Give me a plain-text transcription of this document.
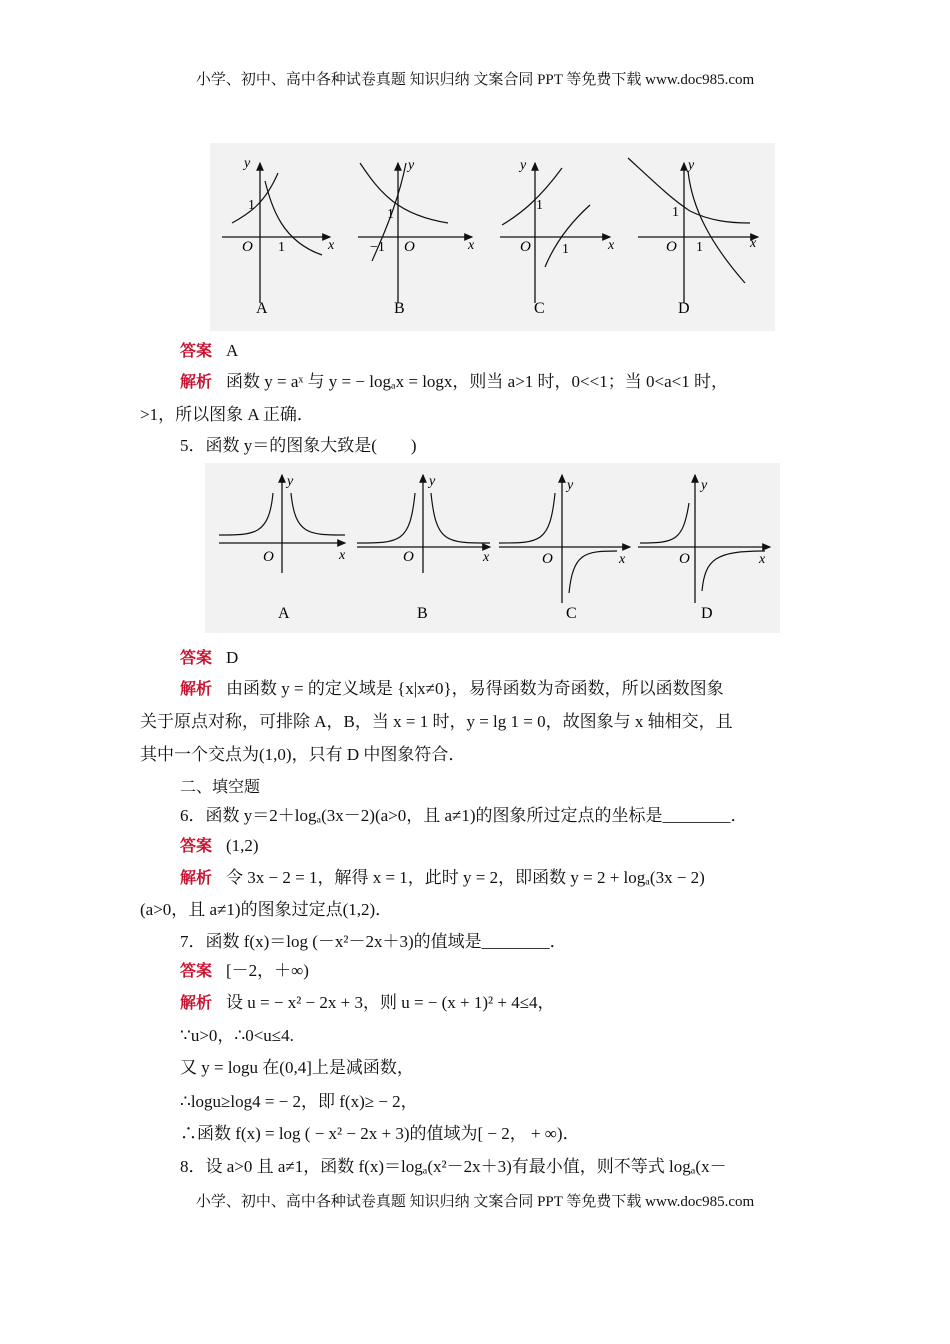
小学、初中、高中各种试卷真题 知识归纳 文案合同 PPT 等免费下载 www.doc985.com
y
x
O
1
1
A
y
x
O
1
−1
B
y
x
O
1
1
C
y
x
O
1
1
D
答案 A
解析 函数 y = aˣ 与 y = − logₐx = logx，则当 a>1 时，0<<1；当 0<a<1 时，
>1，所以图象 A 正确．
5．函数 y＝的图象大致是(　　)
y
x
O
A
y
x
O
B
y
x
O
C
y
x
O
D
答案 D
解析 由函数 y = 的定义域是 {x|x≠0}，易得函数为奇函数，所以函数图象
关于原点对称，可排除 A，B，当 x = 1 时，y = lg 1 = 0，故图象与 x 轴相交，且
其中一个交点为(1,0)，只有 D 中图象符合．
二、填空题
6．函数 y＝2＋logₐ(3x－2)(a>0，且 a≠1)的图象所过定点的坐标是________．
答案 (1,2)
解析 令 3x − 2 = 1，解得 x = 1，此时 y = 2，即函数 y = 2 + logₐ(3x − 2)
(a>0，且 a≠1)的图象过定点(1,2)．
7．函数 f(x)＝log (－x²－2x＋3)的值域是________．
答案 [－2，＋∞)
解析 设 u = − x² − 2x + 3，则 u = − (x + 1)² + 4≤4，
∵u>0，∴0<u≤4.
又 y = logu 在(0,4]上是减函数，
∴logu≥log4 = − 2，即 f(x)≥ − 2，
∴函数 f(x) = log ( − x² − 2x + 3)的值域为[ − 2， + ∞)．
8．设 a>0 且 a≠1，函数 f(x)＝logₐ(x²－2x＋3)有最小值，则不等式 logₐ(x－
小学、初中、高中各种试卷真题 知识归纳 文案合同 PPT 等免费下载 www.doc985.com
